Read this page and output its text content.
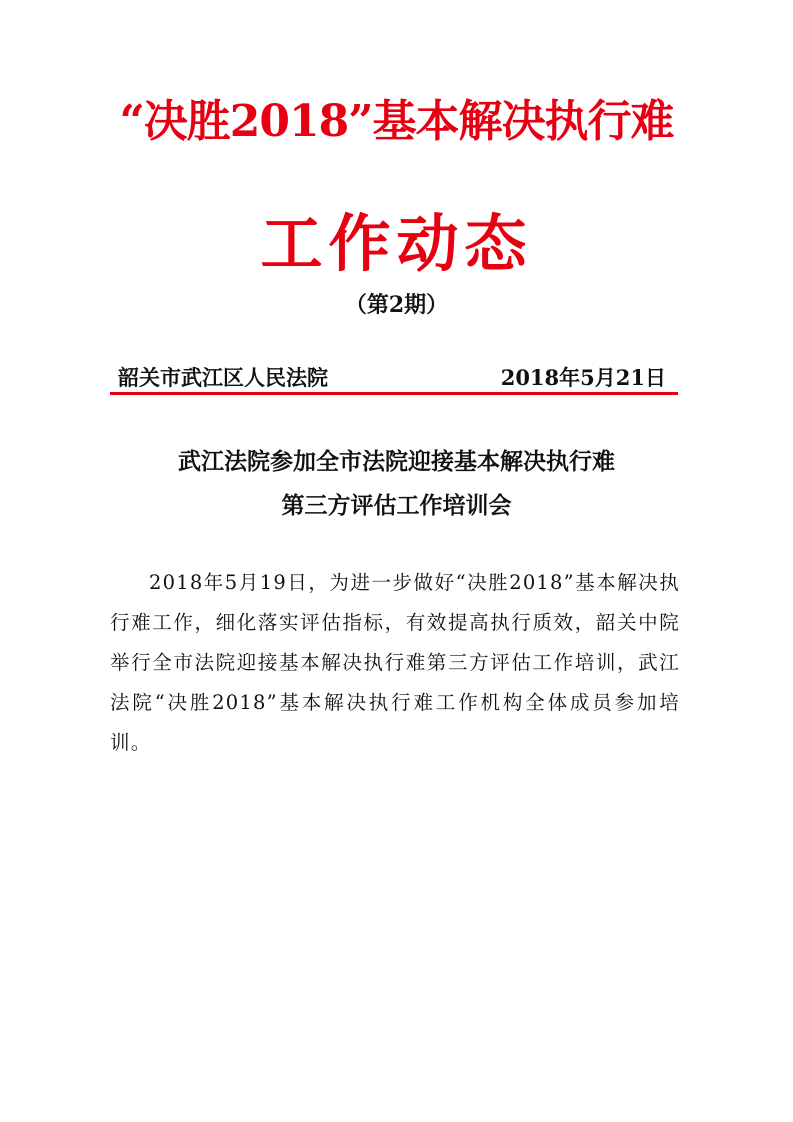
“决胜2018”基本解决执行难
工作动态
（第2期）
韶关市武江区人民法院	2018年5月21日
武江法院参加全市法院迎接基本解决执行难
第三方评估工作培训会

2018年5月19日，为进一步做好“决胜2018”基本解决执行难工作，细化落实评估指标，有效提高执行质效，韶关中院举行全市法院迎接基本解决执行难第三方评估工作培训，武江法院“决胜2018”基本解决执行难工作机构全体成员参加培训。
